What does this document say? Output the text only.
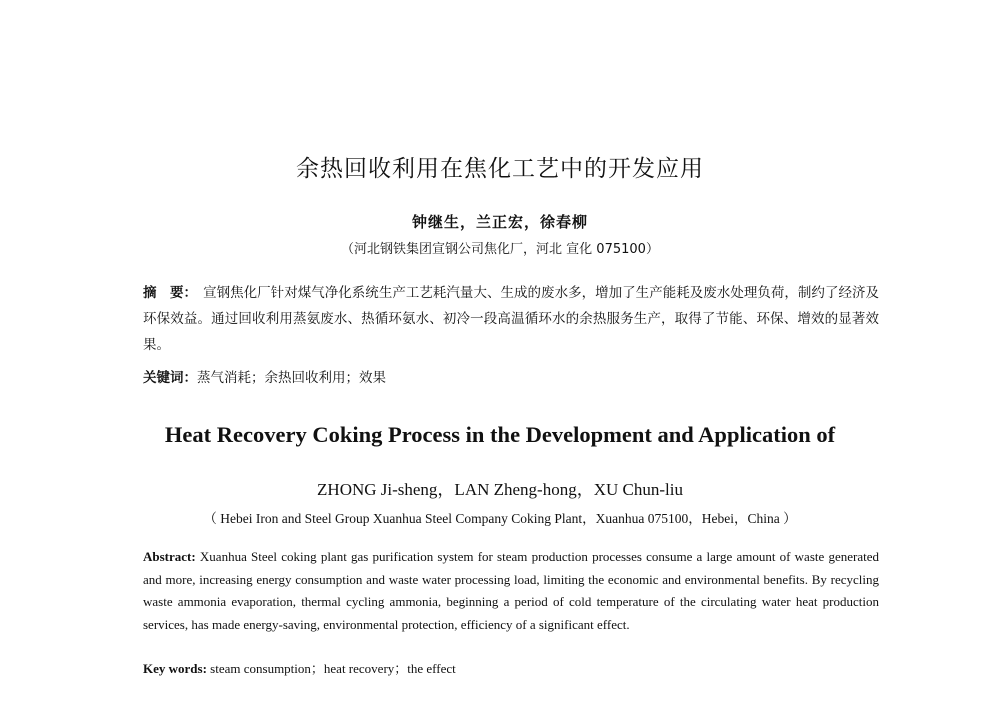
余热回收利用在焦化工艺中的开发应用
钟继生，兰正宏，徐春柳
（河北钢铁集团宣钢公司焦化厂，河北 宣化 075100）
摘　要： 宣钢焦化厂针对煤气净化系统生产工艺耗汽量大、生成的废水多，增加了生产能耗及废水处理负荷，制约了经济及环保效益。通过回收利用蒸氨废水、热循环氨水、初冷一段高温循环水的余热服务生产，取得了节能、环保、增效的显著效果。
关键词：蒸气消耗；余热回收利用；效果
Heat Recovery Coking Process in the Development and Application of
ZHONG Ji-sheng，LAN Zheng-hong，XU Chun-liu
（ Hebei Iron and Steel Group Xuanhua Steel Company Coking Plant，Xuanhua 075100，Hebei，China ）
Abstract: Xuanhua Steel coking plant gas purification system for steam production processes consume a large amount of waste generated and more, increasing energy consumption and waste water processing load, limiting the economic and environmental benefits. By recycling waste ammonia evaporation, thermal cycling ammonia, beginning a period of cold temperature of the circulating water heat production services, has made energy-saving, environmental protection, efficiency of a significant effect.
Key words: steam consumption；heat recovery；the effect
